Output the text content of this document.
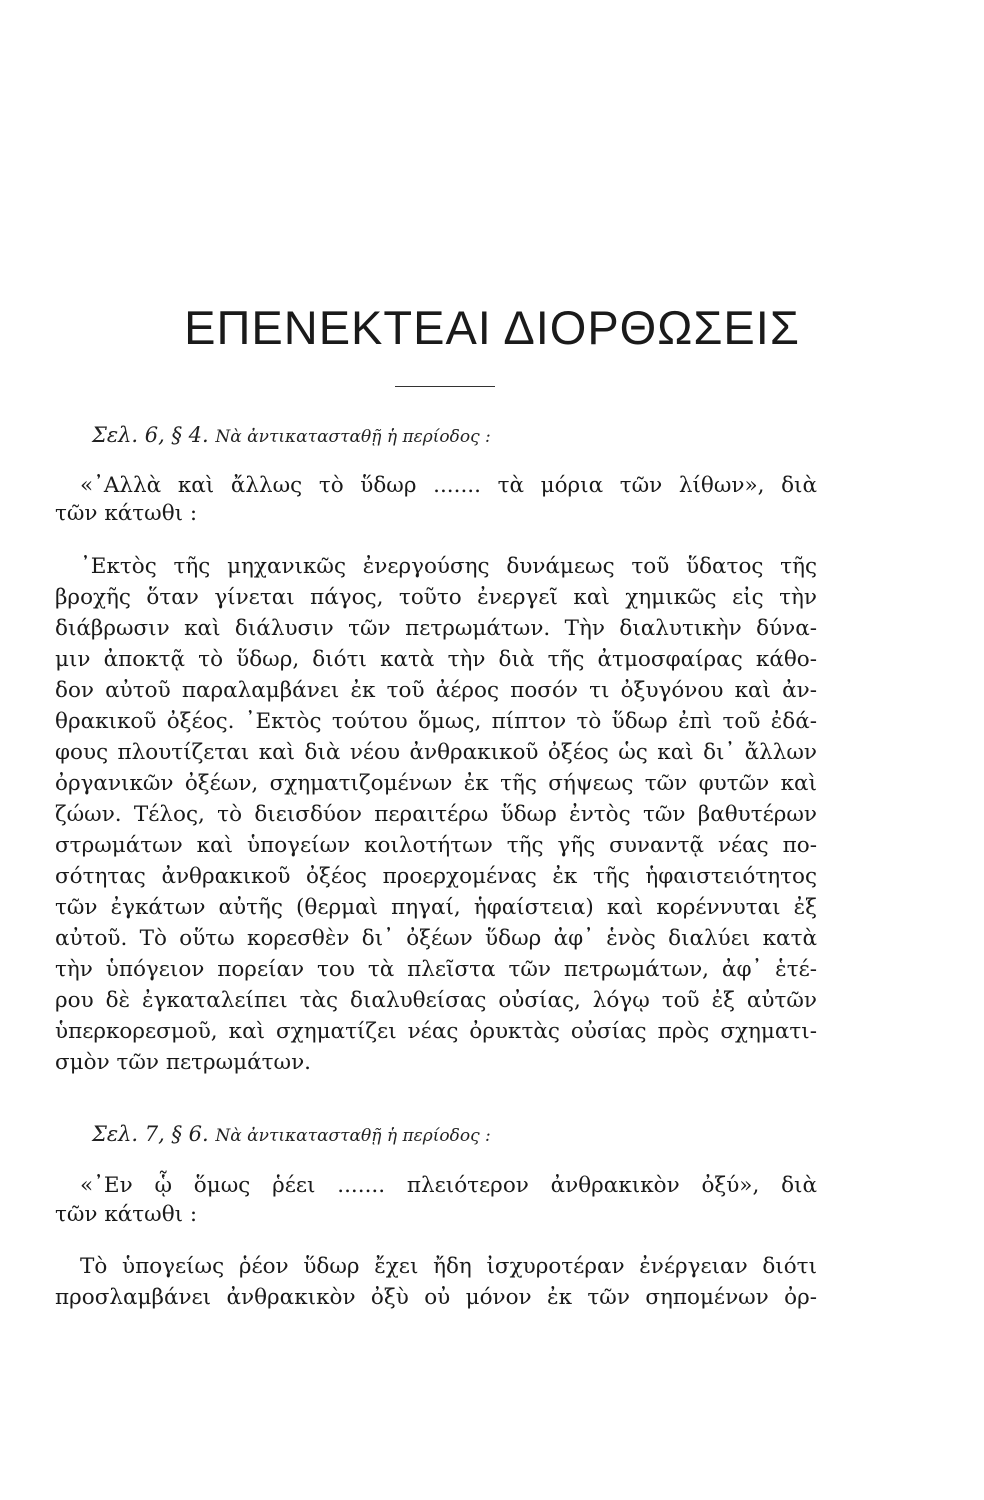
ΕΠΕΝΕΚΤΕΑΙ ΔΙΟΡΘΩΣΕΙΣ
Σελ. 6, § 4. Νὰ ἀντικατασταθῇ ἡ περίοδος :
«᾿Αλλὰ καὶ ἄλλως τὸ ὕδωρ ....... τὰ μόρια τῶν λίθων», διὰ
τῶν κάτωθι :
᾿Εκτὸς τῆς μηχανικῶς ἐνεργούσης δυνάμεως τοῦ ὕδατος τῆς
βροχῆς ὅταν γίνεται πάγος, τοῦτο ἐνεργεῖ καὶ χημικῶς εἰς τὴν
διάβρωσιν καὶ διάλυσιν τῶν πετρωμάτων. Τὴν διαλυτικὴν δύνα-
μιν ἀποκτᾷ τὸ ὕδωρ, διότι κατὰ τὴν διὰ τῆς ἀτμοσφαίρας κάθο-
δον αὐτοῦ παραλαμβάνει ἐκ τοῦ ἀέρος ποσόν τι ὀξυγόνου καὶ ἀν-
θρακικοῦ ὀξέος. ᾿Εκτὸς τούτου ὅμως, πίπτον τὸ ὕδωρ ἐπὶ τοῦ ἐδά-
φους πλουτίζεται καὶ διὰ νέου ἀνθρακικοῦ ὀξέος ὡς καὶ δι᾿ ἄλλων
ὀργανικῶν ὀξέων, σχηματιζομένων ἐκ τῆς σήψεως τῶν φυτῶν καὶ
ζώων. Τέλος, τὸ διεισδύον περαιτέρω ὕδωρ ἐντὸς τῶν βαθυτέρων
στρωμάτων καὶ ὑπογείων κοιλοτήτων τῆς γῆς συναντᾷ νέας πο-
σότητας ἀνθρακικοῦ ὀξέος προερχομένας ἐκ τῆς ἡφαιστειότητος
τῶν ἐγκάτων αὐτῆς (θερμαὶ πηγαί, ἡφαίστεια) καὶ κορέννυται ἐξ
αὐτοῦ. Τὸ οὕτω κορεσθὲν δι᾿ ὀξέων ὕδωρ ἀφ᾿ ἑνὸς διαλύει κατὰ
τὴν ὑπόγειον πορείαν του τὰ πλεῖστα τῶν πετρωμάτων, ἀφ᾿ ἑτέ-
ρου δὲ ἐγκαταλείπει τὰς διαλυθείσας οὐσίας, λόγῳ τοῦ ἐξ αὐτῶν
ὑπερκορεσμοῦ, καὶ σχηματίζει νέας ὀρυκτὰς οὐσίας πρὸς σχηματι-
σμὸν τῶν πετρωμάτων.
Σελ. 7, § 6. Νὰ ἀντικατασταθῇ ἡ περίοδος :
«᾿Εν ᾧ ὅμως ῥέει ....... πλειότερον ἀνθρακικὸν ὀξύ», διὰ
τῶν κάτωθι :
Τὸ ὑπογείως ῥέον ὕδωρ ἔχει ἤδη ἰσχυροτέραν ἐνέργειαν διότι
προσλαμβάνει ἀνθρακικὸν ὀξὺ οὐ μόνον ἐκ τῶν σηπομένων ὀρ-
